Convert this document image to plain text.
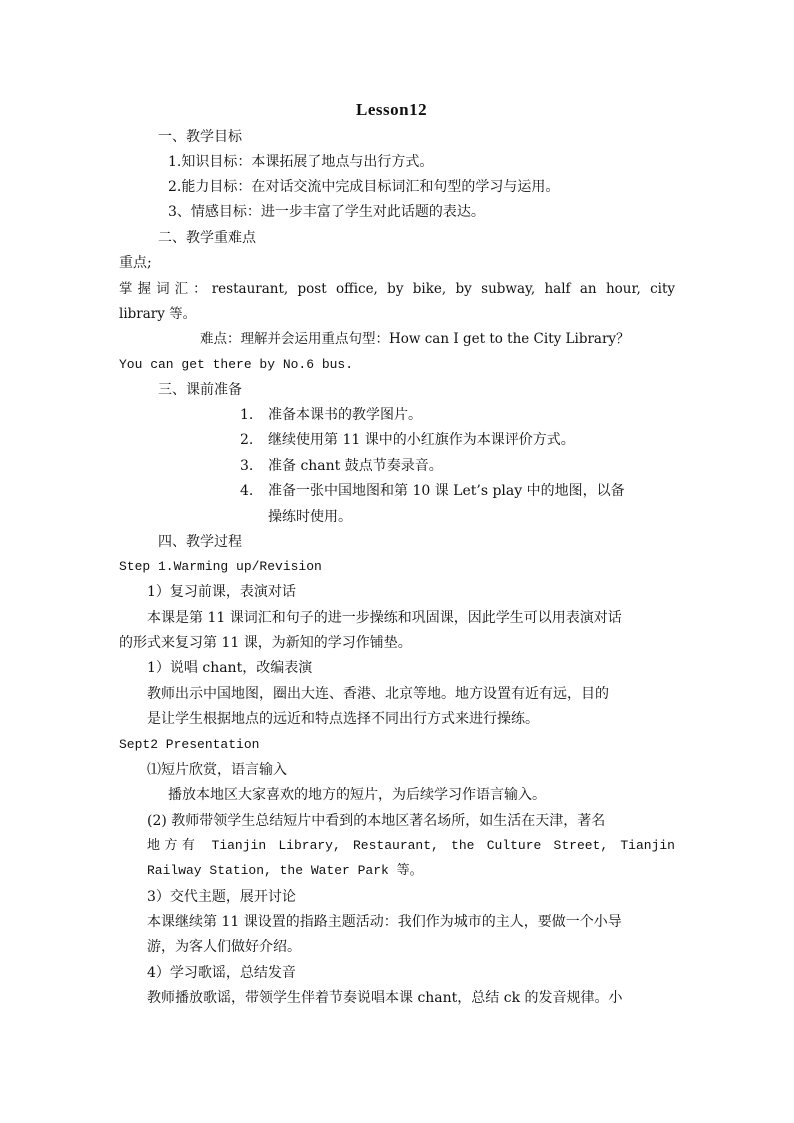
Lesson12
一、教学目标
1.知识目标：本课拓展了地点与出行方式。
2.能力目标：在对话交流中完成目标词汇和句型的学习与运用。
3、情感目标：进一步丰富了学生对此话题的表达。
二、教学重难点
重点;
掌握词汇：restaurant, post office, by bike, by subway, half an hour, city
library 等。
难点：理解并会运用重点句型：How can I get to the City Library？
You can get there by No.6 bus.
三、课前准备
1. 准备本课书的教学图片。
2. 继续使用第 11 课中的小红旗作为本课评价方式。
3. 准备 chant 鼓点节奏录音。
4. 准备一张中国地图和第 10 课 Let’s play 中的地图，以备
操练时使用。
四、教学过程
Step 1.Warming up/Revision
1）复习前课，表演对话
本课是第 11 课词汇和句子的进一步操练和巩固课，因此学生可以用表演对话
的形式来复习第 11 课，为新知的学习作铺垫。
1）说唱 chant，改编表演
教师出示中国地图，圈出大连、香港、北京等地。地方设置有近有远，目的
是让学生根据地点的远近和特点选择不同出行方式来进行操练。
Sept2 Presentation
⑴短片欣赏，语言输入
播放本地区大家喜欢的地方的短片，为后续学习作语言输入。
(2) 教师带领学生总结短片中看到的本地区著名场所，如生活在天津，著名
地方有 Tianjin Library, Restaurant, the Culture Street, Tianjin
Railway Station, the Water Park 等。
3）交代主题，展开讨论
本课继续第 11 课设置的指路主题活动：我们作为城市的主人，要做一个小导
游，为客人们做好介绍。
4）学习歌谣，总结发音
教师播放歌谣，带领学生伴着节奏说唱本课 chant，总结 ck 的发音规律。小
